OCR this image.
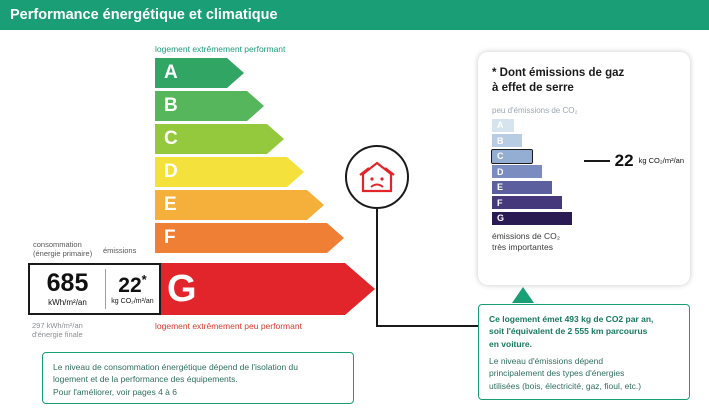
Performance énergétique et climatique
logement extrêmement performant
A
B
C
D
E
F
logement extrêmement peu performant
G
consommation
(énergie primaire) émissions
685
kWh/m²/an
22*
kg CO₂/m²/an
297 kWh/m²/an
d'énergie finale
* Dont émissions de gaz
à effet de serre
peu d'émissions de CO₂
A
B
C
D
E
F
G
22 kg CO₂/m²/an
émissions de CO₂
très importantes
Le niveau de consommation énergétique dépend de l'isolation du
logement et de la performance des équipements.
Pour l'améliorer, voir pages 4 à 6
Ce logement émet 493 kg de CO2 par an,
soit l'équivalent de 2 555 km parcourus
en voiture.
Le niveau d'émissions dépend
principalement des types d'énergies
utilisées (bois, électricité, gaz, fioul, etc.)
